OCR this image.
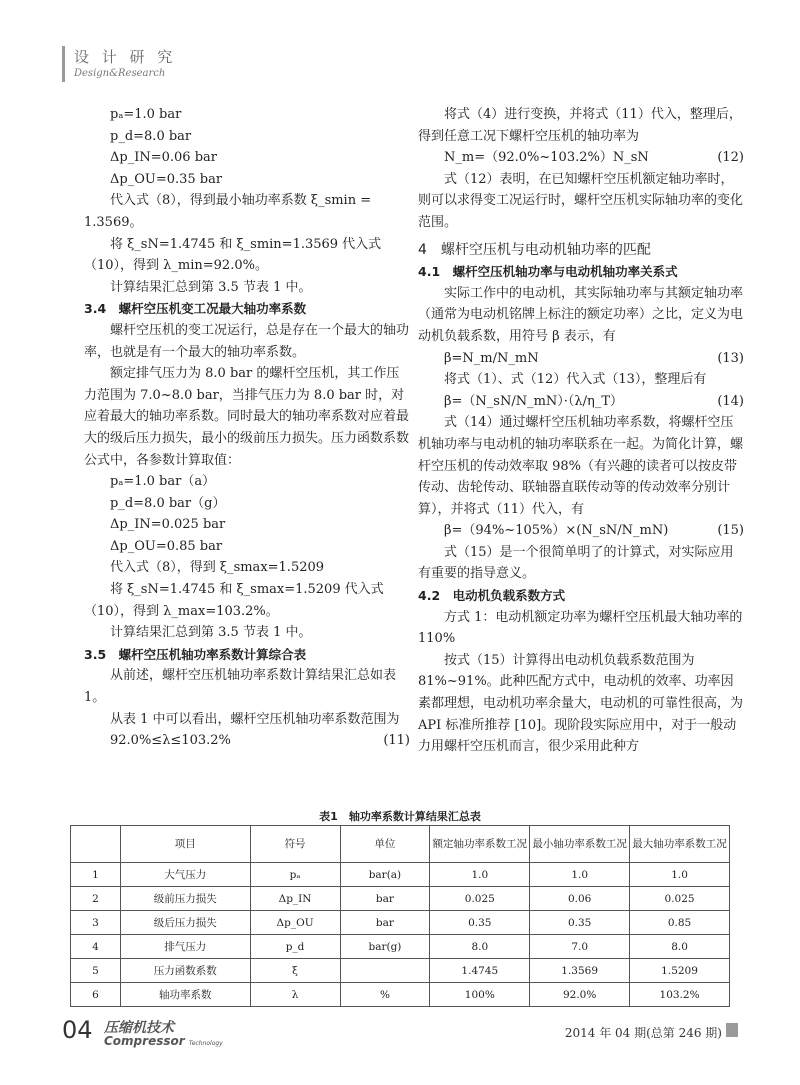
设 计 研 究
Design&Research

pₐ=1.0 bar

p_d=8.0 bar

Δp_IN=0.06 bar

Δp_OU=0.35 bar

代入式（8），得到最小轴功率系数 ξ_smin = 1.3569。

将 ξ_sN=1.4745 和 ξ_smin=1.3569 代入式（10），得到 λ_min=92.0%。

计算结果汇总到第 3.5 节表 1 中。

3.4　螺杆空压机变工况最大轴功率系数

螺杆空压机的变工况运行，总是存在一个最大的轴功率，也就是有一个最大的轴功率系数。

额定排气压力为 8.0 bar 的螺杆空压机，其工作压力范围为 7.0~8.0 bar，当排气压力为 8.0 bar 时，对应着最大的轴功率系数。同时最大的轴功率系数对应着最大的级后压力损失，最小的级前压力损失。压力函数系数公式中，各参数计算取值：

pₐ=1.0 bar（a）

p_d=8.0 bar（g）

Δp_IN=0.025 bar

Δp_OU=0.85 bar

代入式（8），得到 ξ_smax=1.5209

将 ξ_sN=1.4745 和 ξ_smax=1.5209 代入式（10），得到 λ_max=103.2%。

计算结果汇总到第 3.5 节表 1 中。

3.5　螺杆空压机轴功率系数计算综合表

从前述，螺杆空压机轴功率系数计算结果汇总如表 1。

从表 1 中可以看出，螺杆空压机轴功率系数范围为

92.0%≤λ≤103.2%	(11)

将式（4）进行变换，并将式（11）代入，整理后，得到任意工况下螺杆空压机的轴功率为

N_m=（92.0%~103.2%）N_sN	(12)

式（12）表明，在已知螺杆空压机额定轴功率时，则可以求得变工况运行时，螺杆空压机实际轴功率的变化范围。

4　螺杆空压机与电动机轴功率的匹配

4.1　螺杆空压机轴功率与电动机轴功率关系式

实际工作中的电动机，其实际轴功率与其额定轴功率（通常为电动机铭牌上标注的额定功率）之比，定义为电动机负载系数，用符号 β 表示，有

β=N_m/N_mN	(13)

将式（1）、式（12）代入式（13），整理后有

β=（N_sN/N_mN）·（λ/η_T）	(14)

式（14）通过螺杆空压机轴功率系数，将螺杆空压机轴功率与电动机的轴功率联系在一起。为简化计算，螺杆空压机的传动效率取 98%（有兴趣的读者可以按皮带传动、齿轮传动、联轴器直联传动等的传动效率分别计算），并将式（11）代入，有

β=（94%~105%）×(N_sN/N_mN)	(15)

式（15）是一个很简单明了的计算式，对实际应用有重要的指导意义。

4.2　电动机负载系数方式

方式 1：电动机额定功率为螺杆空压机最大轴功率的 110%

按式（15）计算得出电动机负载系数范围为 81%~91%。此种匹配方式中，电动机的效率、功率因素都理想，电动机功率余量大，电动机的可靠性很高，为 API 标准所推荐 [10]。现阶段实际应用中，对于一般动力用螺杆空压机而言，很少采用此种方

表1　轴功率系数计算结果汇总表
	项目	符号	单位	额定轴功率系数工况	最小轴功率系数工况	最大轴功率系数工况
1	大气压力	pₐ	bar(a)	1.0	1.0	1.0
2	级前压力损失	Δp_IN	bar	0.025	0.06	0.025
3	级后压力损失	Δp_OU	bar	0.35	0.35	0.85
4	排气压力	p_d	bar(g)	8.0	7.0	8.0
5	压力函数系数	ξ		1.4745	1.3569	1.5209
6	轴功率系数	λ	%	100%	92.0%	103.2%
04 压缩机技术
Compressor Technology
2014 年 04 期(总第 246 期)
